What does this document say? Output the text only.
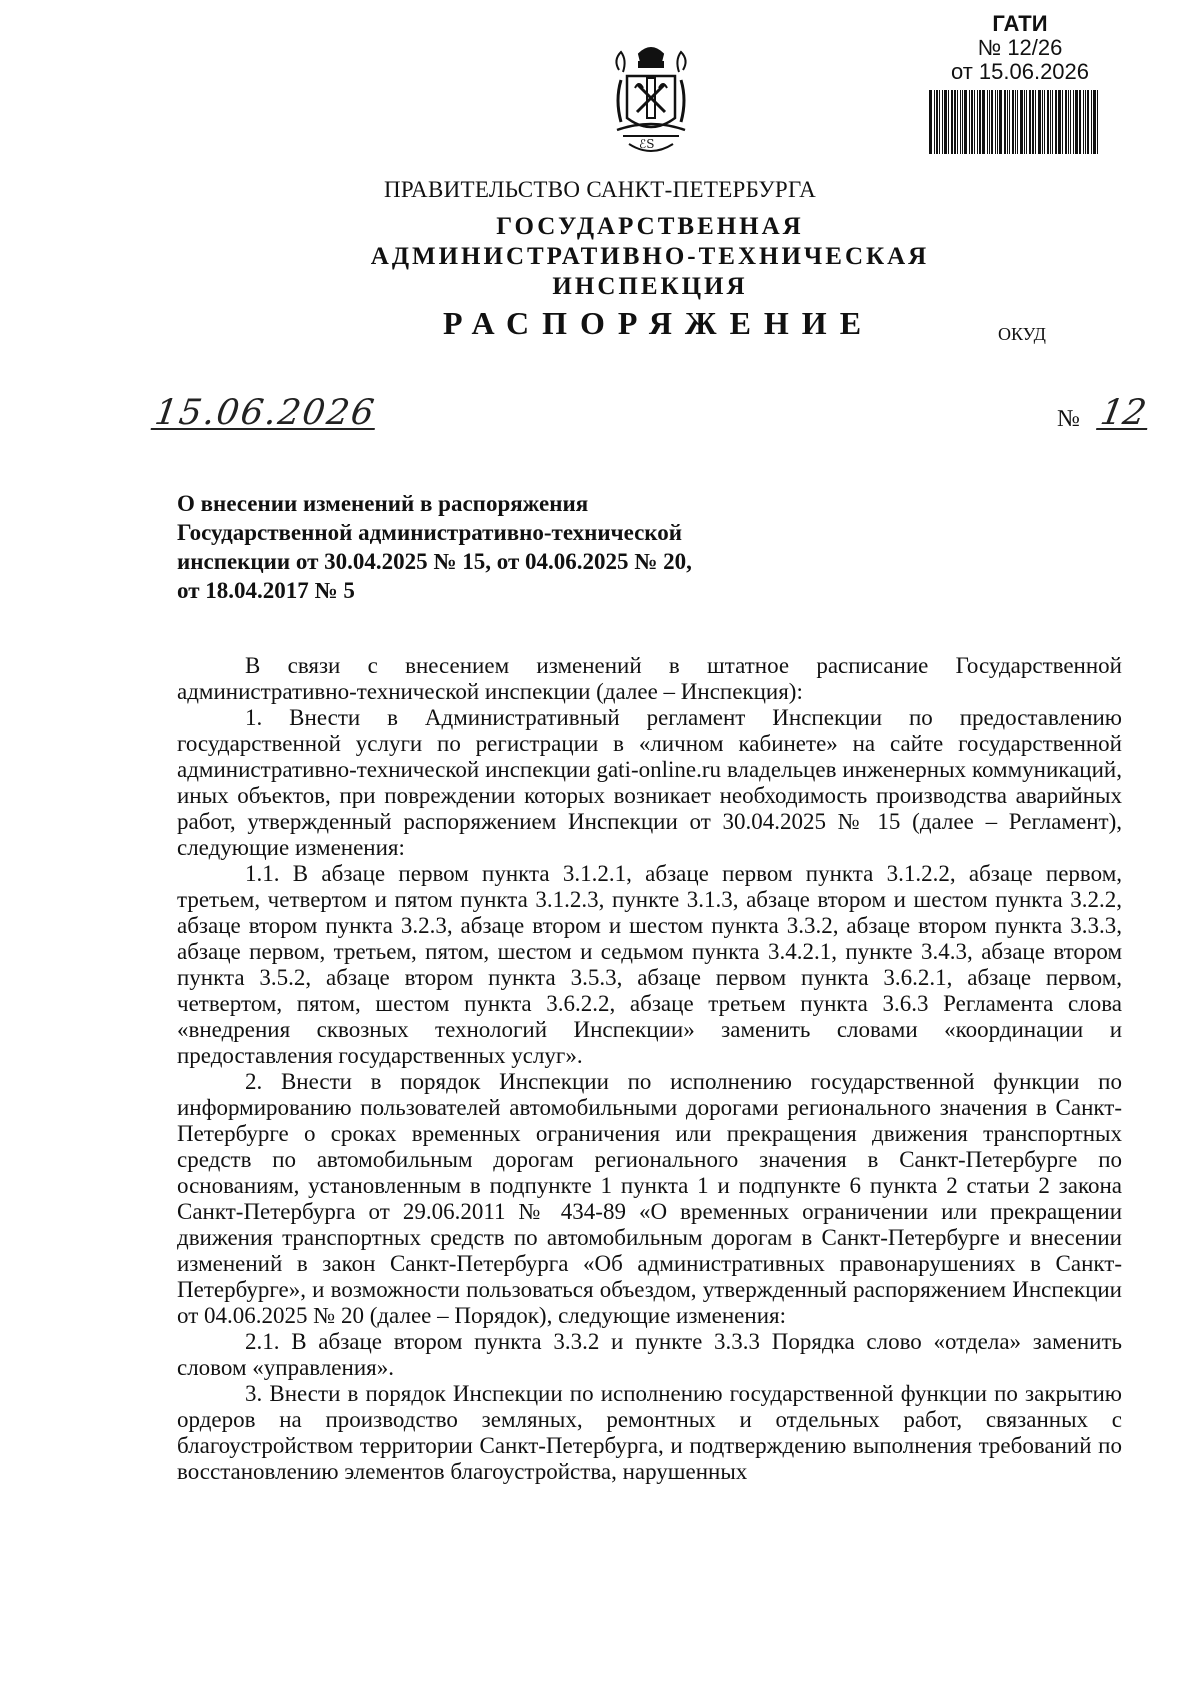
ГАТИ
№ 12/26
от 15.06.2026
ℰS
ПРАВИТЕЛЬСТВО САНКТ-ПЕТЕРБУРГА
ГОСУДАРСТВЕННАЯ
АДМИНИСТРАТИВНО-ТЕХНИЧЕСКАЯ
ИНСПЕКЦИЯ
РАСПОРЯЖЕНИЕ	ОКУД
15.06.2026	№ 12
О внесении изменений в распоряжения
Государственной административно-технической
инспекции от 30.04.2025 № 15, от 04.06.2025 № 20,
от 18.04.2017 № 5

В связи с внесением изменений в штатное расписание Государственной административно-технической инспекции (далее – Инспекция):

1. Внести в Административный регламент Инспекции по предоставлению государственной услуги по регистрации в «личном кабинете» на сайте государственной административно-технической инспекции gati-online.ru владельцев инженерных коммуникаций, иных объектов, при повреждении которых возникает необходимость производства аварийных работ, утвержденный распоряжением Инспекции от 30.04.2025 № 15 (далее – Регламент), следующие изменения:

1.1. В абзаце первом пункта 3.1.2.1, абзаце первом пункта 3.1.2.2, абзаце первом, третьем, четвертом и пятом пункта 3.1.2.3, пункте 3.1.3, абзаце втором и шестом пункта 3.2.2, абзаце втором пункта 3.2.3, абзаце втором и шестом пункта 3.3.2, абзаце втором пункта 3.3.3, абзаце первом, третьем, пятом, шестом и седьмом пункта 3.4.2.1, пункте 3.4.3, абзаце втором пункта 3.5.2, абзаце втором пункта 3.5.3, абзаце первом пункта 3.6.2.1, абзаце первом, четвертом, пятом, шестом пункта 3.6.2.2, абзаце третьем пункта 3.6.3 Регламента слова «внедрения сквозных технологий Инспекции» заменить словами «координации и предоставления государственных услуг».

2. Внести в порядок Инспекции по исполнению государственной функции по информированию пользователей автомобильными дорогами регионального значения в Санкт-Петербурге о сроках временных ограничения или прекращения движения транспортных средств по автомобильным дорогам регионального значения в Санкт-Петербурге по основаниям, установленным в подпункте 1 пункта 1 и подпункте 6 пункта 2 статьи 2 закона Санкт-Петербурга от 29.06.2011 № 434-89 «О временных ограничении или прекращении движения транспортных средств по автомобильным дорогам в Санкт-Петербурге и внесении изменений в закон Санкт-Петербурга «Об административных правонарушениях в Санкт-Петербурге», и возможности пользоваться объездом, утвержденный распоряжением Инспекции от 04.06.2025 № 20 (далее – Порядок), следующие изменения:

2.1. В абзаце втором пункта 3.3.2 и пункте 3.3.3 Порядка слово «отдела» заменить словом «управления».

3. Внести в порядок Инспекции по исполнению государственной функции по закрытию ордеров на производство земляных, ремонтных и отдельных работ, связанных с благоустройством территории Санкт-Петербурга, и подтверждению выполнения требований по восстановлению элементов благоустройства, нарушенных
